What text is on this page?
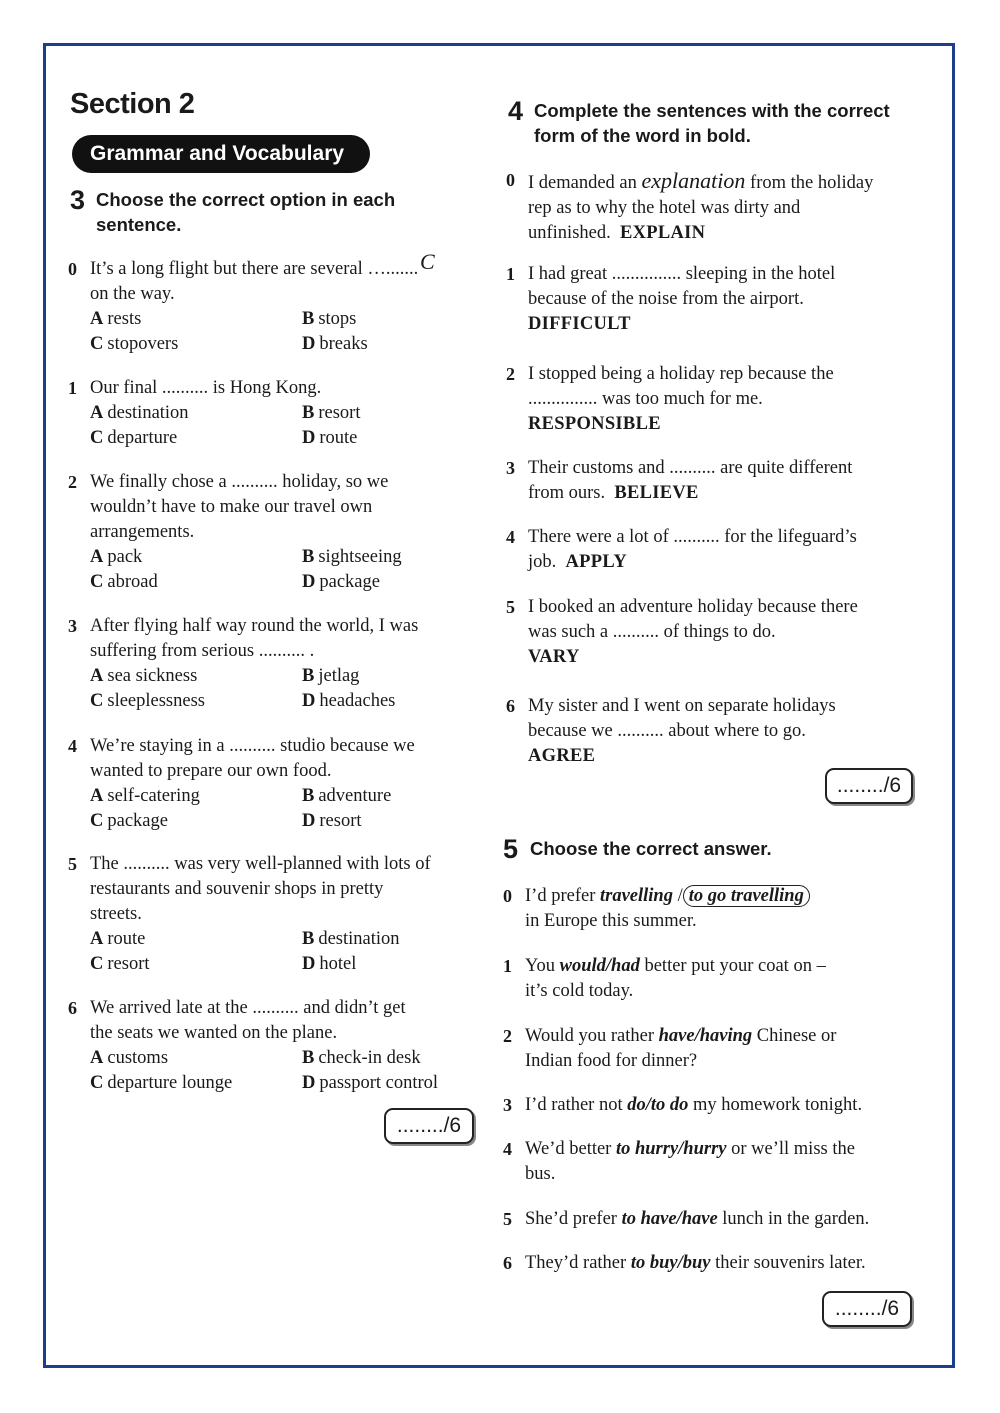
Section 2
Grammar and Vocabulary
3 Choose the correct option in each
sentence.
0 It’s a long flight but there are several ….......
on the way.
C
A rests	B stops
C stopovers	D breaks
1 Our final .......... is Hong Kong.
A destination	B resort
C departure	D route
2 We finally chose a .......... holiday, so we
wouldn’t have to make our travel own
arrangements.
A pack	B sightseeing
C abroad	D package
3 After flying half way round the world, I was
suffering from serious .......... .
A sea sickness	B jetlag
C sleeplessness	D headaches
4 We’re staying in a .......... studio because we
wanted to prepare our own food.
A self-catering	B adventure
C package	D resort
5 The .......... was very well-planned with lots of
restaurants and souvenir shops in pretty
streets.
A route	B destination
C resort	D hotel
6 We arrived late at the .......... and didn’t get
the seats we wanted on the plane.
A customs	B check-in desk
C departure lounge	D passport control
......../6
4 Complete the sentences with the correct
form of the word in bold.
0 I demanded an explanation from the holiday
rep as to why the hotel was dirty and
unfinished. EXPLAIN
1 I had great ............... sleeping in the hotel
because of the noise from the airport.
DIFFICULT
2 I stopped being a holiday rep because the
............... was too much for me.
RESPONSIBLE
3 Their customs and .......... are quite different
from ours. BELIEVE
4 There were a lot of .......... for the lifeguard’s
job. APPLY
5 I booked an adventure holiday because there
was such a .......... of things to do.
VARY
6 My sister and I went on separate holidays
because we .......... about where to go.
AGREE
......../6
5 Choose the correct answer.
0 I’d prefer travelling / to go travelling
in Europe this summer.
1 You would/had better put your coat on –
it’s cold today.
2 Would you rather have/having Chinese or
Indian food for dinner?
3 I’d rather not do/to do my homework tonight.
4 We’d better to hurry/hurry or we’ll miss the
bus.
5 She’d prefer to have/have lunch in the garden.
6 They’d rather to buy/buy their souvenirs later.
......../6
